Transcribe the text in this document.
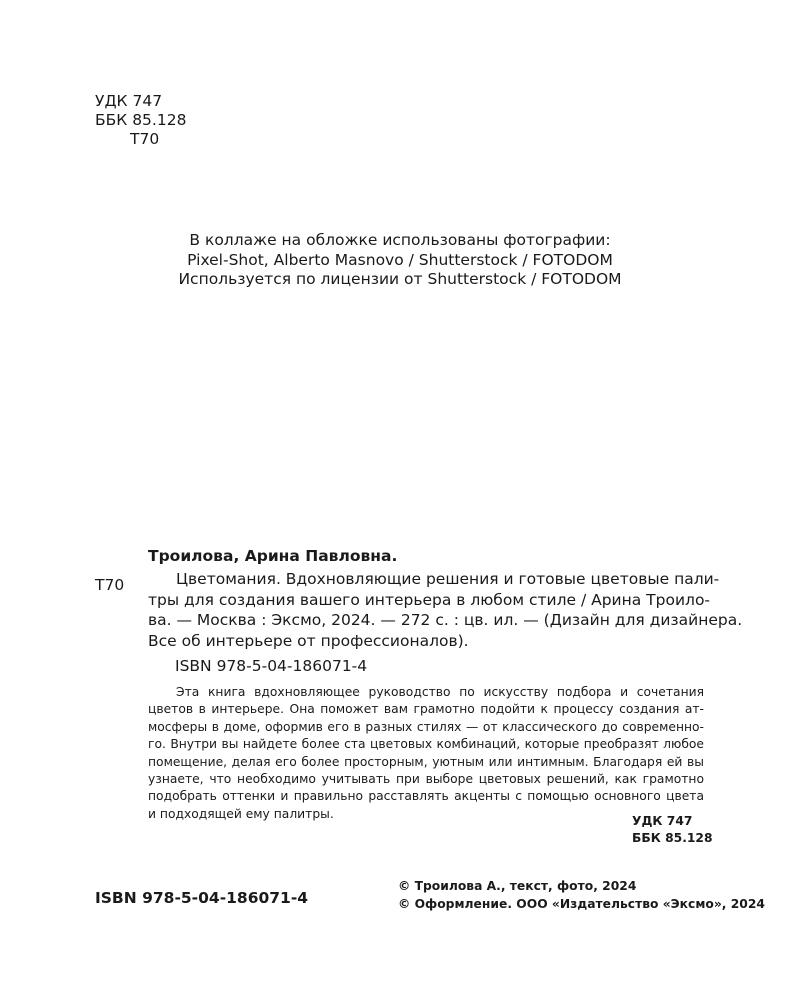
УДК 747
ББК 85.128
Т70
В коллаже на обложке использованы фотографии:
Pixel-Shot, Alberto Masnovo / Shutterstock / FOTODOM
Используется по лицензии от Shutterstock / FOTODOM
Троилова, Арина Павловна.
Т70	Цветомания. Вдохновляющие решения и готовые цветовые пали-
тры для создания вашего интерьера в любом стиле / Арина Троило-
ва. — Москва : Эксмо, 2024. — 272 с. : цв. ил. — (Дизайн для дизайнера.
Все об интерьере от профессионалов).
ISBN 978-5-04-186071-4
Эта книга вдохновляющее руководство по искусству подбора и сочетания
цветов в интерьере. Она поможет вам грамотно подойти к процессу создания ат-
мосферы в доме, оформив его в разных стилях — от классического до современно-
го. Внутри вы найдете более ста цветовых комбинаций, которые преобразят любое
помещение, делая его более просторным, уютным или интимным. Благодаря ей вы
узнаете, что необходимо учитывать при выборе цветовых решений, как грамотно
подобрать оттенки и правильно расставлять акценты с помощью основного цвета
и подходящей ему палитры.
УДК 747
ББК 85.128
ISBN 978-5-04-186071-4
© Троилова А., текст, фото, 2024
© Оформление. ООО «Издательство «Эксмо», 2024
